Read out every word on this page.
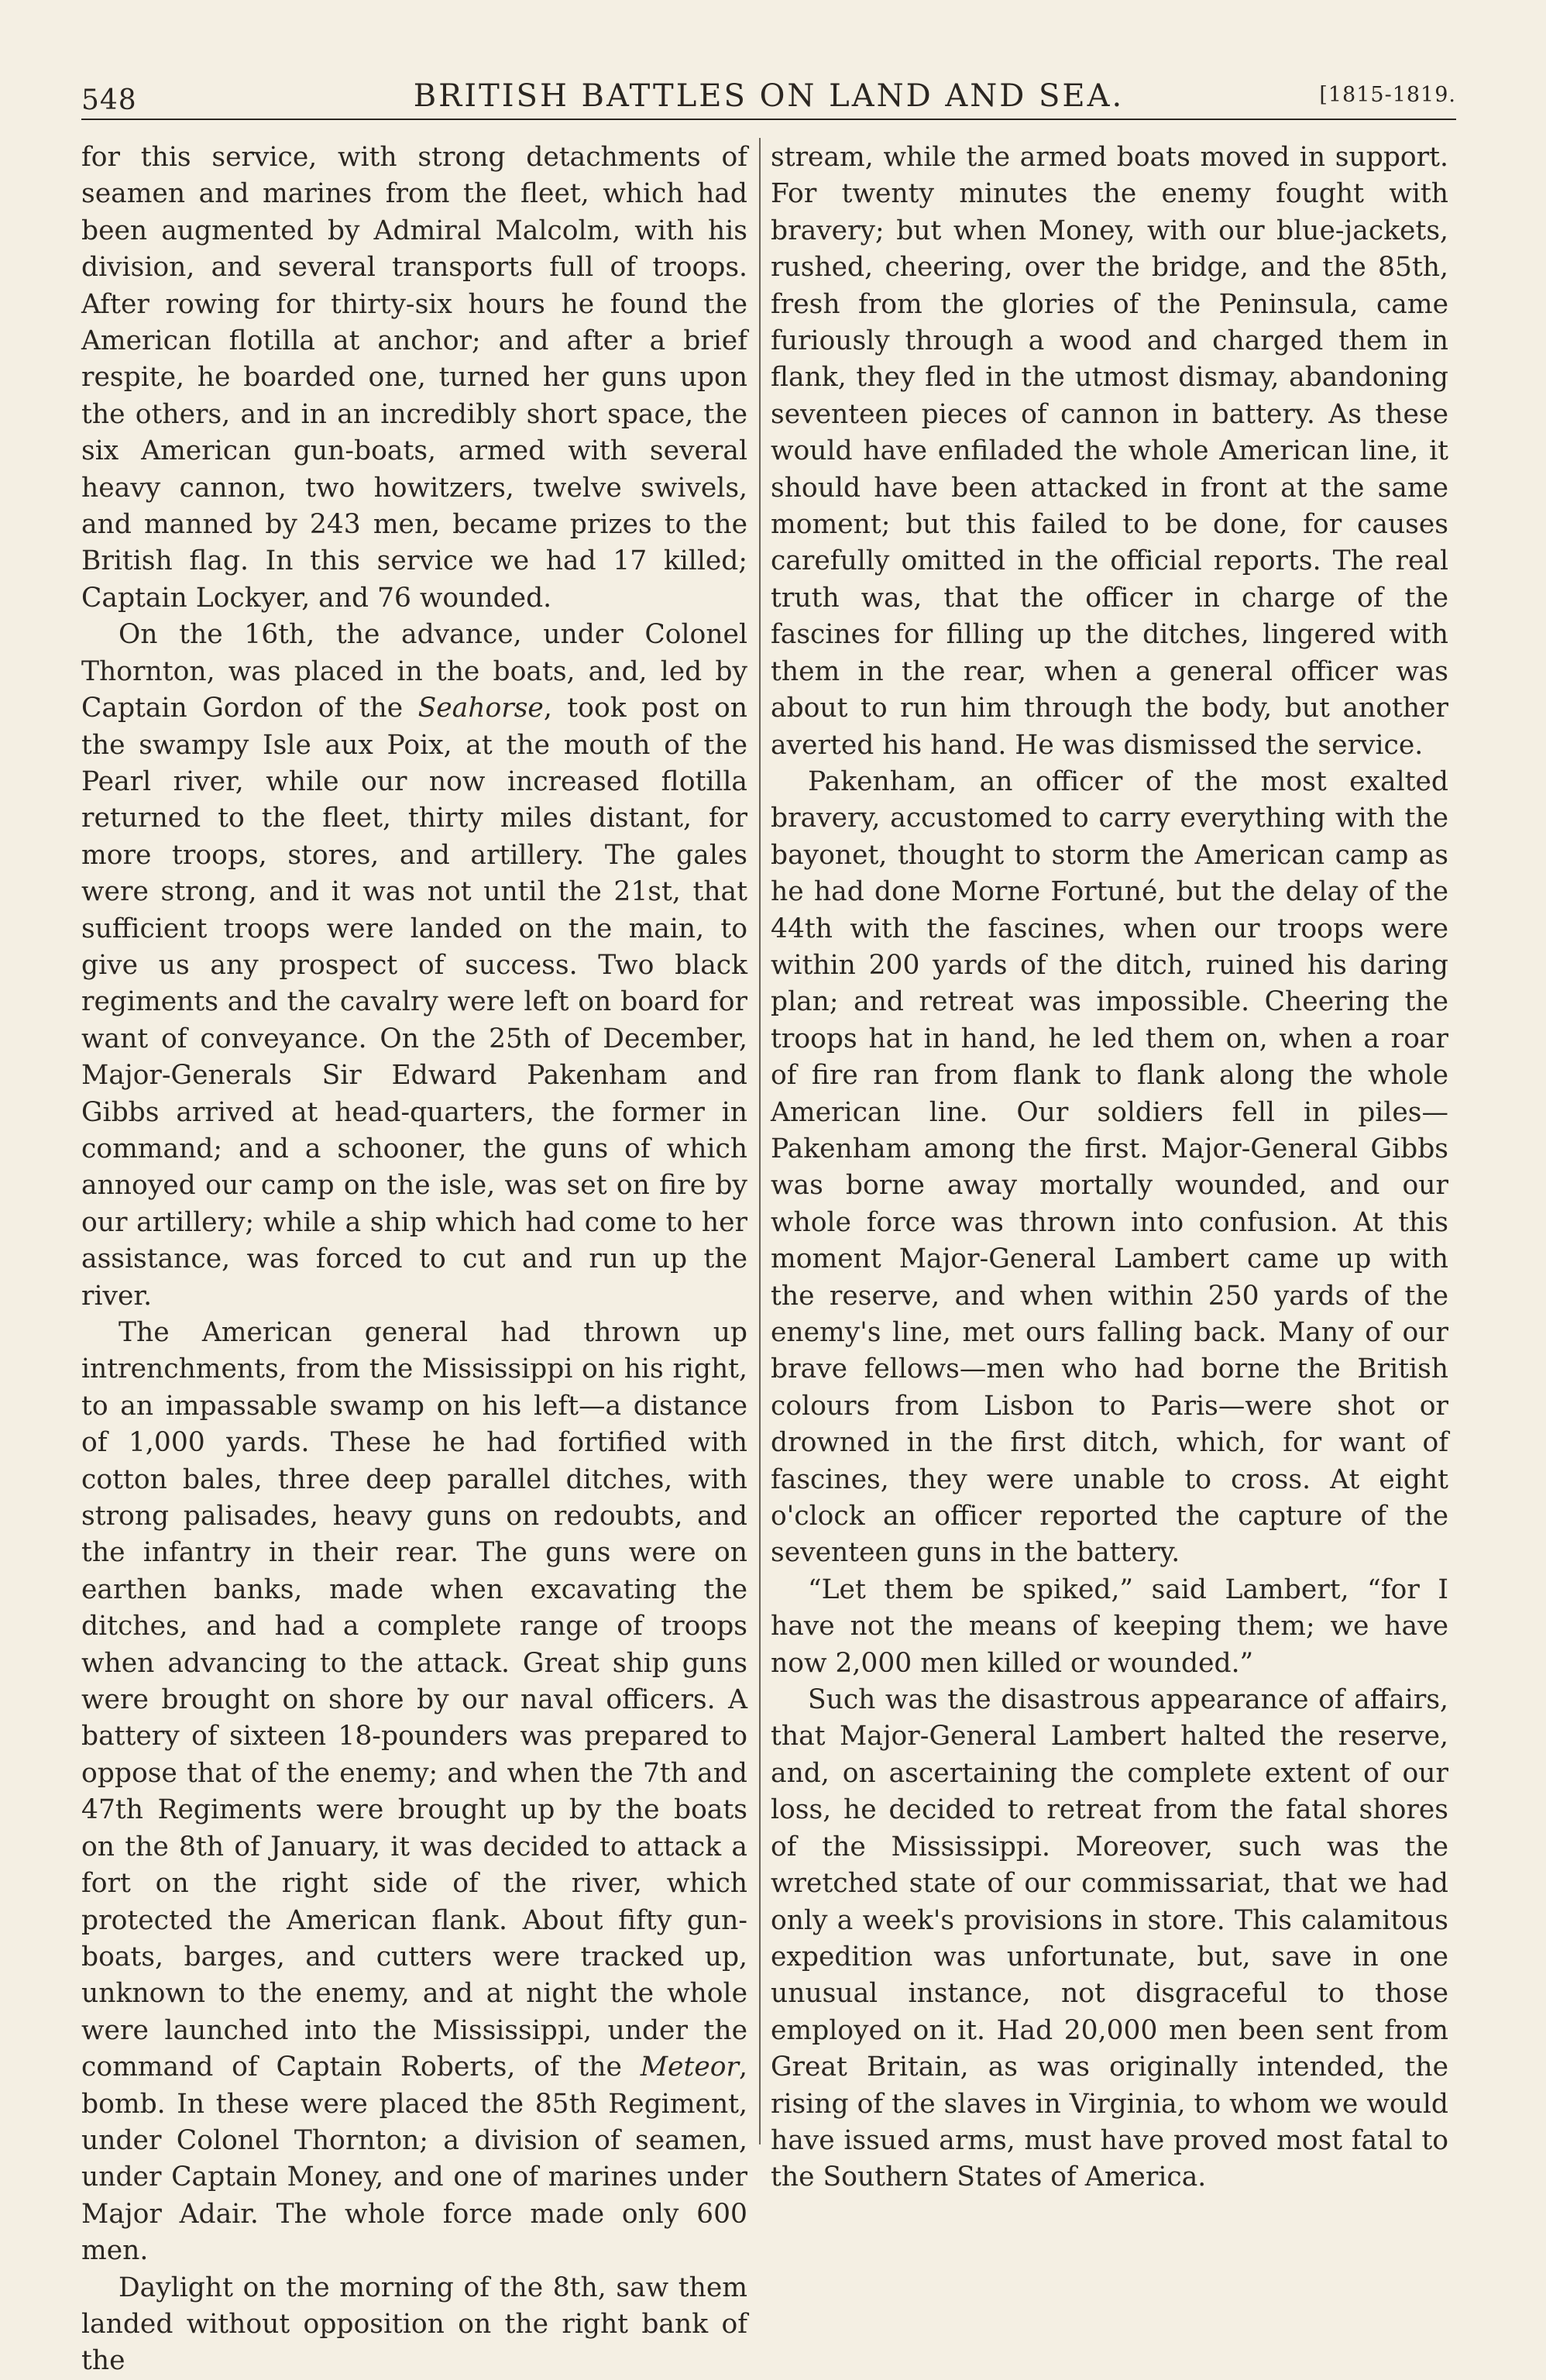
548	BRITISH BATTLES ON LAND AND SEA.	[1815-1819.

for this service, with strong detachments of seamen and marines from the fleet, which had been augmented by Admiral Malcolm, with his division, and several transports full of troops. After rowing for thirty-six hours he found the American flotilla at anchor; and after a brief respite, he boarded one, turned her guns upon the others, and in an incredibly short space, the six American gun-boats, armed with several heavy cannon, two howitzers, twelve swivels, and manned by 243 men, became prizes to the British flag. In this service we had 17 killed; Captain Lockyer, and 76 wounded.

On the 16th, the advance, under Colonel Thornton, was placed in the boats, and, led by Captain Gordon of the Seahorse, took post on the swampy Isle aux Poix, at the mouth of the Pearl river, while our now increased flotilla returned to the fleet, thirty miles distant, for more troops, stores, and artillery. The gales were strong, and it was not until the 21st, that sufficient troops were landed on the main, to give us any prospect of success. Two black regiments and the cavalry were left on board for want of conveyance. On the 25th of December, Major-Generals Sir Edward Pakenham and Gibbs arrived at head-quarters, the former in command; and a schooner, the guns of which annoyed our camp on the isle, was set on fire by our artillery; while a ship which had come to her assistance, was forced to cut and run up the river.

The American general had thrown up intrenchments, from the Mississippi on his right, to an impassable swamp on his left—a distance of 1,000 yards. These he had fortified with cotton bales, three deep parallel ditches, with strong palisades, heavy guns on redoubts, and the infantry in their rear. The guns were on earthen banks, made when excavating the ditches, and had a complete range of troops when advancing to the attack. Great ship guns were brought on shore by our naval officers. A battery of sixteen 18-pounders was prepared to oppose that of the enemy; and when the 7th and 47th Regiments were brought up by the boats on the 8th of January, it was decided to attack a fort on the right side of the river, which protected the American flank. About fifty gun-boats, barges, and cutters were tracked up, unknown to the enemy, and at night the whole were launched into the Mississippi, under the command of Captain Roberts, of the Meteor, bomb. In these were placed the 85th Regiment, under Colonel Thornton; a division of seamen, under Captain Money, and one of marines under Major Adair. The whole force made only 600 men.

Daylight on the morning of the 8th, saw them landed without opposition on the right bank of the

stream, while the armed boats moved in support. For twenty minutes the enemy fought with bravery; but when Money, with our blue-jackets, rushed, cheering, over the bridge, and the 85th, fresh from the glories of the Peninsula, came furiously through a wood and charged them in flank, they fled in the utmost dismay, abandoning seventeen pieces of cannon in battery. As these would have enfiladed the whole American line, it should have been attacked in front at the same moment; but this failed to be done, for causes carefully omitted in the official reports. The real truth was, that the officer in charge of the fascines for filling up the ditches, lingered with them in the rear, when a general officer was about to run him through the body, but another averted his hand. He was dismissed the service.

Pakenham, an officer of the most exalted bravery, accustomed to carry everything with the bayonet, thought to storm the American camp as he had done Morne Fortuné, but the delay of the 44th with the fascines, when our troops were within 200 yards of the ditch, ruined his daring plan; and retreat was impossible. Cheering the troops hat in hand, he led them on, when a roar of fire ran from flank to flank along the whole American line. Our soldiers fell in piles—Pakenham among the first. Major-General Gibbs was borne away mortally wounded, and our whole force was thrown into confusion. At this moment Major-General Lambert came up with the reserve, and when within 250 yards of the enemy's line, met ours falling back. Many of our brave fellows—men who had borne the British colours from Lisbon to Paris—were shot or drowned in the first ditch, which, for want of fascines, they were unable to cross. At eight o'clock an officer reported the capture of the seventeen guns in the battery.

“Let them be spiked,” said Lambert, “for I have not the means of keeping them; we have now 2,000 men killed or wounded.”

Such was the disastrous appearance of affairs, that Major-General Lambert halted the reserve, and, on ascertaining the complete extent of our loss, he decided to retreat from the fatal shores of the Mississippi. Moreover, such was the wretched state of our commissariat, that we had only a week's provisions in store. This calamitous expedition was unfortunate, but, save in one unusual instance, not disgraceful to those employed on it. Had 20,000 men been sent from Great Britain, as was originally intended, the rising of the slaves in Virginia, to whom we would have issued arms, must have proved most fatal to the Southern States of America.
